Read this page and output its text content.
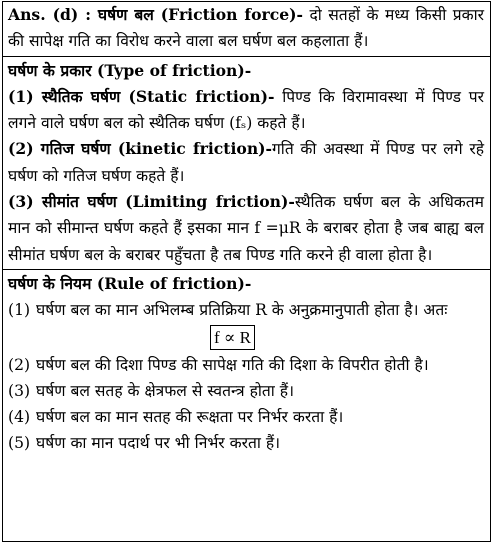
Ans. (d) : घर्षण बल (Friction force)- दो सतहों के मध्य किसी प्रकार की सापेक्ष गति का विरोध करने वाला बल घर्षण बल कहलाता हैं।

घर्षण के प्रकार (Type of friction)-

(1) स्थैतिक घर्षण (Static friction)- पिण्ड कि विरामावस्था में पिण्ड पर लगने वाले घर्षण बल को स्थैतिक घर्षण (fₛ) कहते हैं।

(2) गतिज घर्षण (kinetic friction)-गति की अवस्था में पिण्ड पर लगे रहे घर्षण को गतिज घर्षण कहते हैं।

(3) सीमांत घर्षण (Limiting friction)-स्थैतिक घर्षण बल के अधिकतम मान को सीमान्त घर्षण कहते हैं इसका मान f =μR के बराबर होता है जब बाह्य बल सीमांत घर्षण बल के बराबर पहुँचता है तब पिण्ड गति करने ही वाला होता है।

घर्षण के नियम (Rule of friction)-

(1) घर्षण बल का मान अभिलम्ब प्रतिक्रिया R के अनुक्रमानुपाती होता है। अतः
f ∝ R
(2) घर्षण बल की दिशा पिण्ड की सापेक्ष गति की दिशा के विपरीत होती है।
(3) घर्षण बल सतह के क्षेत्रफल से स्वतन्त्र होता हैं।
(4) घर्षण बल का मान सतह की रूक्षता पर निर्भर करता हैं।
(5) घर्षण का मान पदार्थ पर भी निर्भर करता हैं।
